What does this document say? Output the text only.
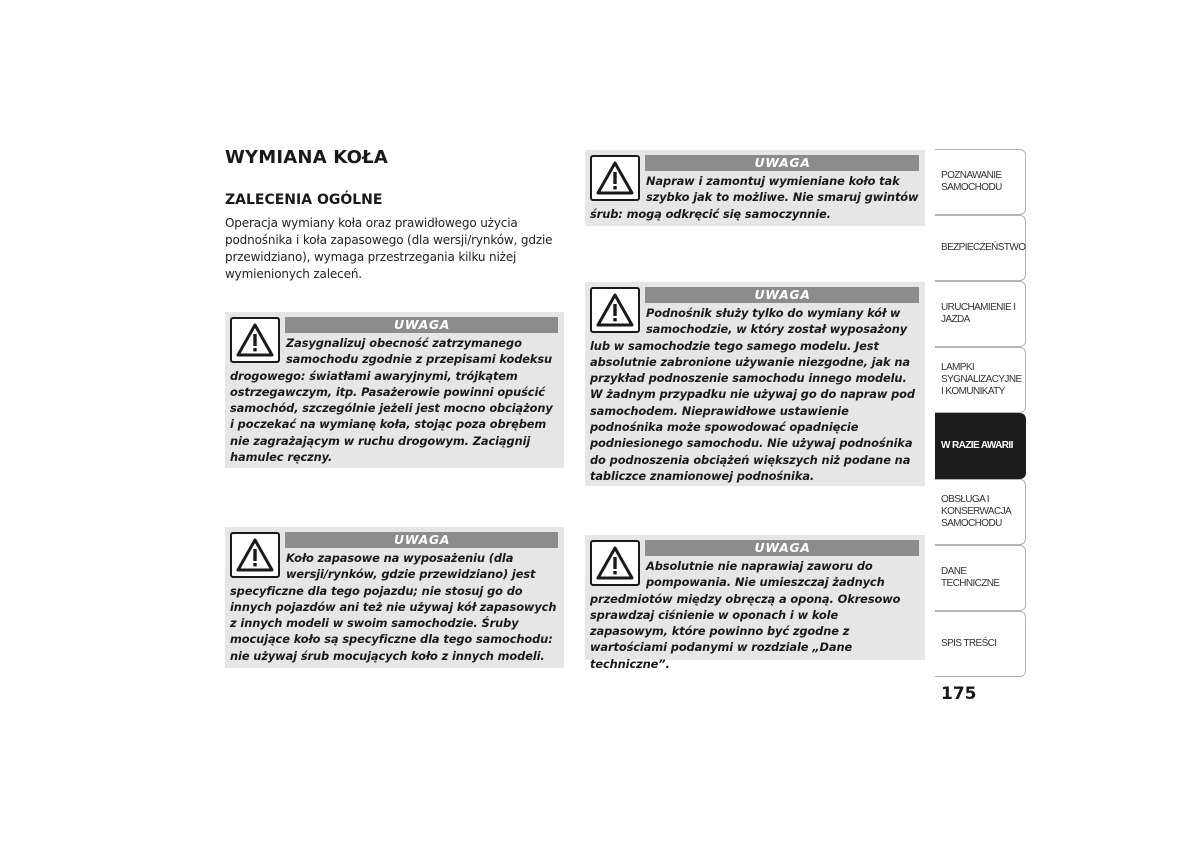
WYMIANA KOŁA
ZALECENIA OGÓLNE
Operacja wymiany koła oraz prawidłowego użycia podnośnika i koła zapasowego (dla wersji/rynków, gdzie przewidziano), wymaga przestrzegania kilku niżej wymienionych zaleceń.
UWAGA

Zasygnalizuj obecność zatrzymanego samochodu zgodnie z przepisami kodeksu drogowego: światłami awaryjnymi, trójkątem ostrzegawczym, itp. Pasażerowie powinni opuścić samochód, szczególnie jeżeli jest mocno obciążony i poczekać na wymianę koła, stojąc poza obrębem nie zagrażającym w ruchu drogowym. Zaciągnij hamulec ręczny.

UWAGA

Koło zapasowe na wyposażeniu (dla wersji/rynków, gdzie przewidziano) jest specyficzne dla tego pojazdu; nie stosuj go do innych pojazdów ani też nie używaj kół zapasowych z innych modeli w swoim samochodzie. Śruby mocujące koło są specyficzne dla tego samochodu: nie używaj śrub mocujących koło z innych modeli.

UWAGA

Napraw i zamontuj wymieniane koło tak szybko jak to możliwe. Nie smaruj gwintów śrub: mogą odkręcić się samoczynnie.

UWAGA

Podnośnik służy tylko do wymiany kół w samochodzie, w który został wyposażony lub w samochodzie tego samego modelu. Jest absolutnie zabronione używanie niezgodne, jak na przykład podnoszenie samochodu innego modelu. W żadnym przypadku nie używaj go do napraw pod samochodem. Nieprawidłowe ustawienie podnośnika może spowodować opadnięcie podniesionego samochodu. Nie używaj podnośnika do podnoszenia obciążeń większych niż podane na tabliczce znamionowej podnośnika.

UWAGA

Absolutnie nie naprawiaj zaworu do pompowania. Nie umieszczaj żadnych przedmiotów między obręczą a oponą. Okresowo sprawdzaj ciśnienie w oponach i w kole zapasowym, które powinno być zgodne z wartościami podanymi w rozdziale „Dane techniczne”.

POZNAWANIE SAMOCHODU
BEZPIECZEŃSTWO
URUCHAMIENIE I JAZDA
LAMPKI SYGNALIZACYJNE I KOMUNIKATY
W RAZIE AWARII
OBSŁUGA I KONSERWACJA SAMOCHODU
DANE TECHNICZNE
SPIS TREŚCI
175
